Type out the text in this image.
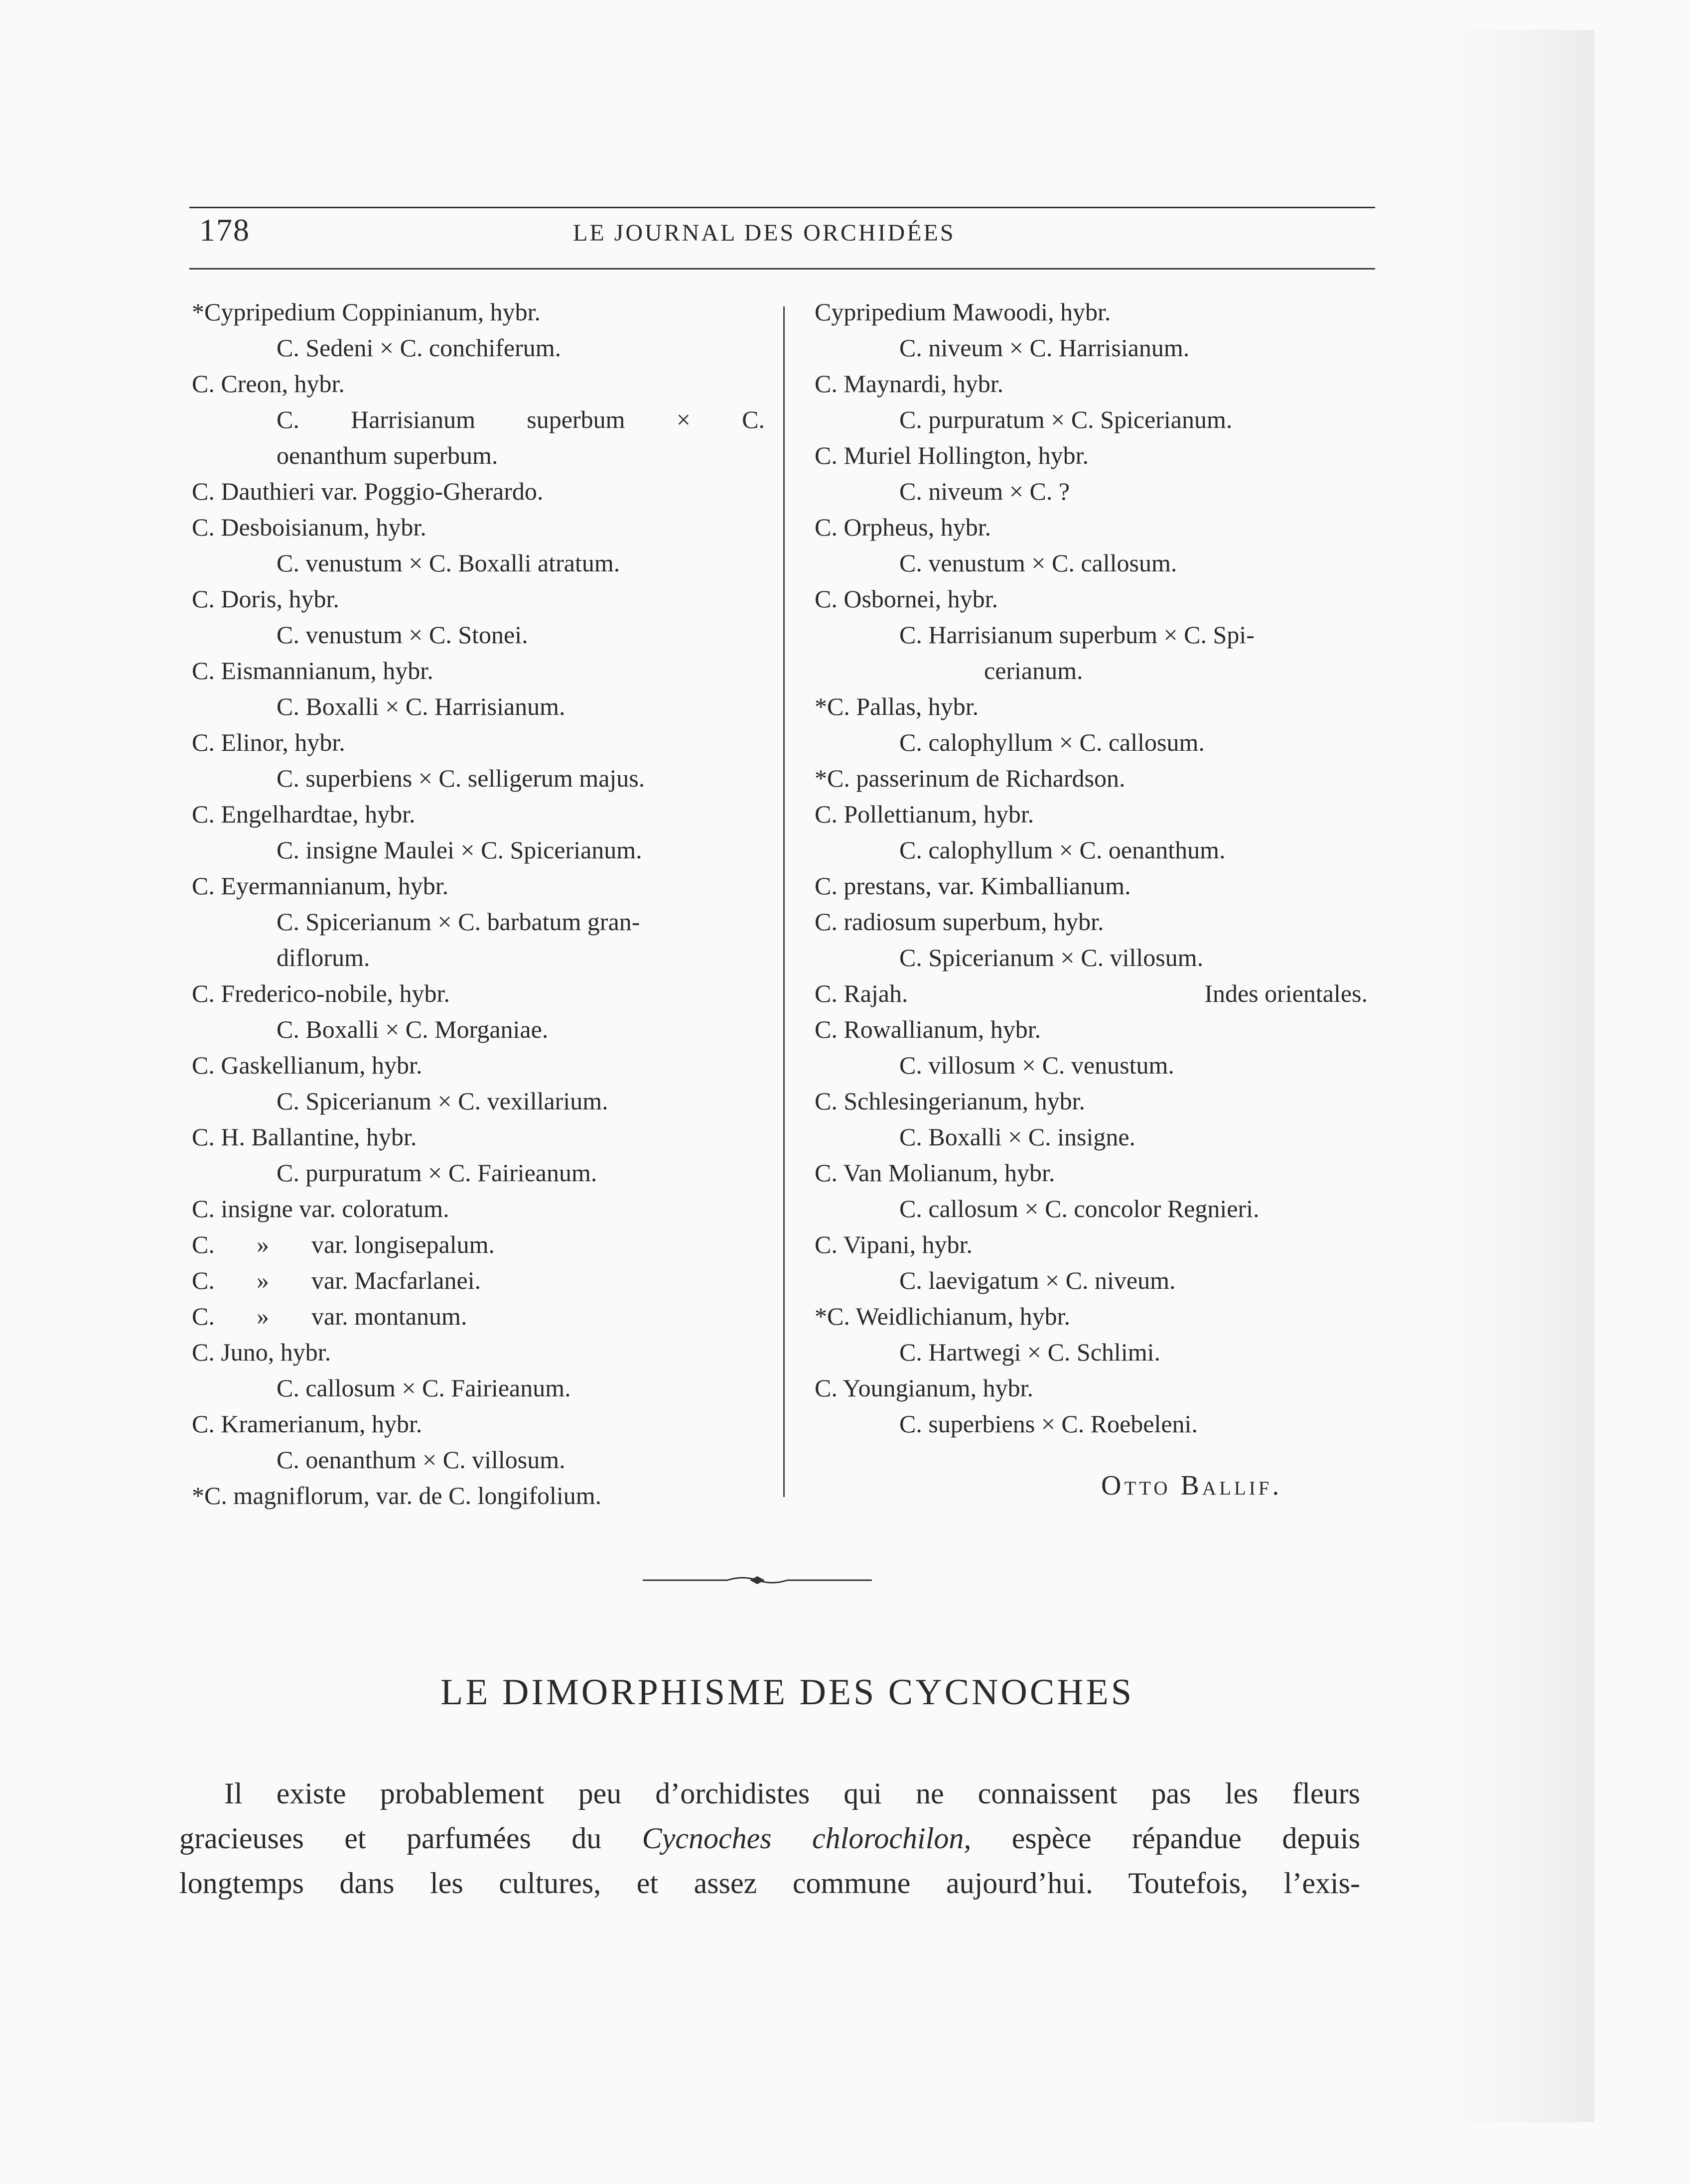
178	LE JOURNAL DES ORCHIDÉES
*Cypripedium Coppinianum, hybr.
C. Sedeni × C. conchiferum.
C. Creon, hybr.
C. Harrisianum superbum × C.
oenanthum superbum.
C. Dauthieri var. Poggio-Gherardo.
C. Desboisianum, hybr.
C. venustum × C. Boxalli atratum.
C. Doris, hybr.
C. venustum × C. Stonei.
C. Eismannianum, hybr.
C. Boxalli × C. Harrisianum.
C. Elinor, hybr.
C. superbiens × C. selligerum majus.
C. Engelhardtae, hybr.
C. insigne Maulei × C. Spicerianum.
C. Eyermannianum, hybr.
C. Spicerianum × C. barbatum gran-
diflorum.
C. Frederico-nobile, hybr.
C. Boxalli × C. Morganiae.
C. Gaskellianum, hybr.
C. Spicerianum × C. vexillarium.
C. H. Ballantine, hybr.
C. purpuratum × C. Fairieanum.
C. insigne var. coloratum.
C.	»	var. longisepalum.
C.	»	var. Macfarlanei.
C.	»	var. montanum.
C. Juno, hybr.
C. callosum × C. Fairieanum.
C. Kramerianum, hybr.
C. oenanthum × C. villosum.
*C. magniflorum, var. de C. longifolium.
Cypripedium Mawoodi, hybr.
C. niveum × C. Harrisianum.
C. Maynardi, hybr.
C. purpuratum × C. Spicerianum.
C. Muriel Hollington, hybr.
C. niveum × C. ?
C. Orpheus, hybr.
C. venustum × C. callosum.
C. Osbornei, hybr.
C. Harrisianum superbum × C. Spi-
cerianum.
*C. Pallas, hybr.
C. calophyllum × C. callosum.
*C. passerinum de Richardson.
C. Pollettianum, hybr.
C. calophyllum × C. oenanthum.
C. prestans, var. Kimballianum.
C. radiosum superbum, hybr.
C. Spicerianum × C. villosum.
C. Rajah.	Indes orientales.
C. Rowallianum, hybr.
C. villosum × C. venustum.
C. Schlesingerianum, hybr.
C. Boxalli × C. insigne.
C. Van Molianum, hybr.
C. callosum × C. concolor Regnieri.
C. Vipani, hybr.
C. laevigatum × C. niveum.
*C. Weidlichianum, hybr.
C. Hartwegi × C. Schlimi.
C. Youngianum, hybr.
C. superbiens × C. Roebeleni.
Otto Ballif.
LE DIMORPHISME DES CYCNOCHES
Il existe probablement peu d’orchidistes qui ne connaissent pas les fleurs
gracieuses et parfumées du Cycnoches chlorochilon, espèce répandue depuis
longtemps dans les cultures, et assez commune aujourd’hui. Toutefois, l’exis-
